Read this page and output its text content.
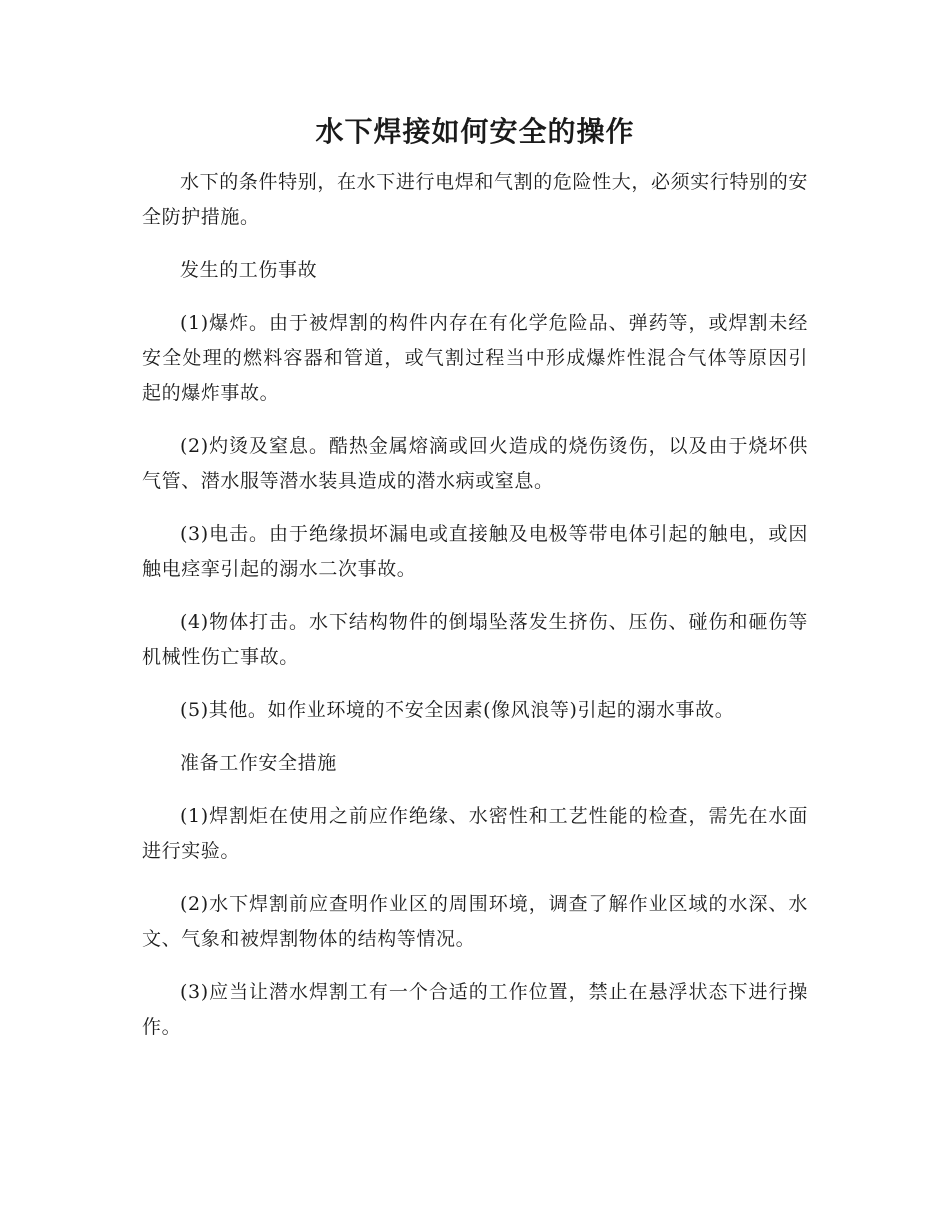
水下焊接如何安全的操作

水下的条件特别，在水下进行电焊和气割的危险性大，必须实行特别的安全防护措施。

发生的工伤事故

(1)爆炸。由于被焊割的构件内存在有化学危险品、弹药等，或焊割未经安全处理的燃料容器和管道，或气割过程当中形成爆炸性混合气体等原因引起的爆炸事故。

(2)灼烫及窒息。酷热金属熔滴或回火造成的烧伤烫伤，以及由于烧坏供气管、潜水服等潜水装具造成的潜水病或窒息。

(3)电击。由于绝缘损坏漏电或直接触及电极等带电体引起的触电，或因触电痉挛引起的溺水二次事故。

(4)物体打击。水下结构物件的倒塌坠落发生挤伤、压伤、碰伤和砸伤等机械性伤亡事故。

(5)其他。如作业环境的不安全因素(像风浪等)引起的溺水事故。

准备工作安全措施

(1)焊割炬在使用之前应作绝缘、水密性和工艺性能的检查，需先在水面进行实验。

(2)水下焊割前应查明作业区的周围环境，调查了解作业区域的水深、水文、气象和被焊割物体的结构等情况。

(3)应当让潜水焊割工有一个合适的工作位置，禁止在悬浮状态下进行操作。
